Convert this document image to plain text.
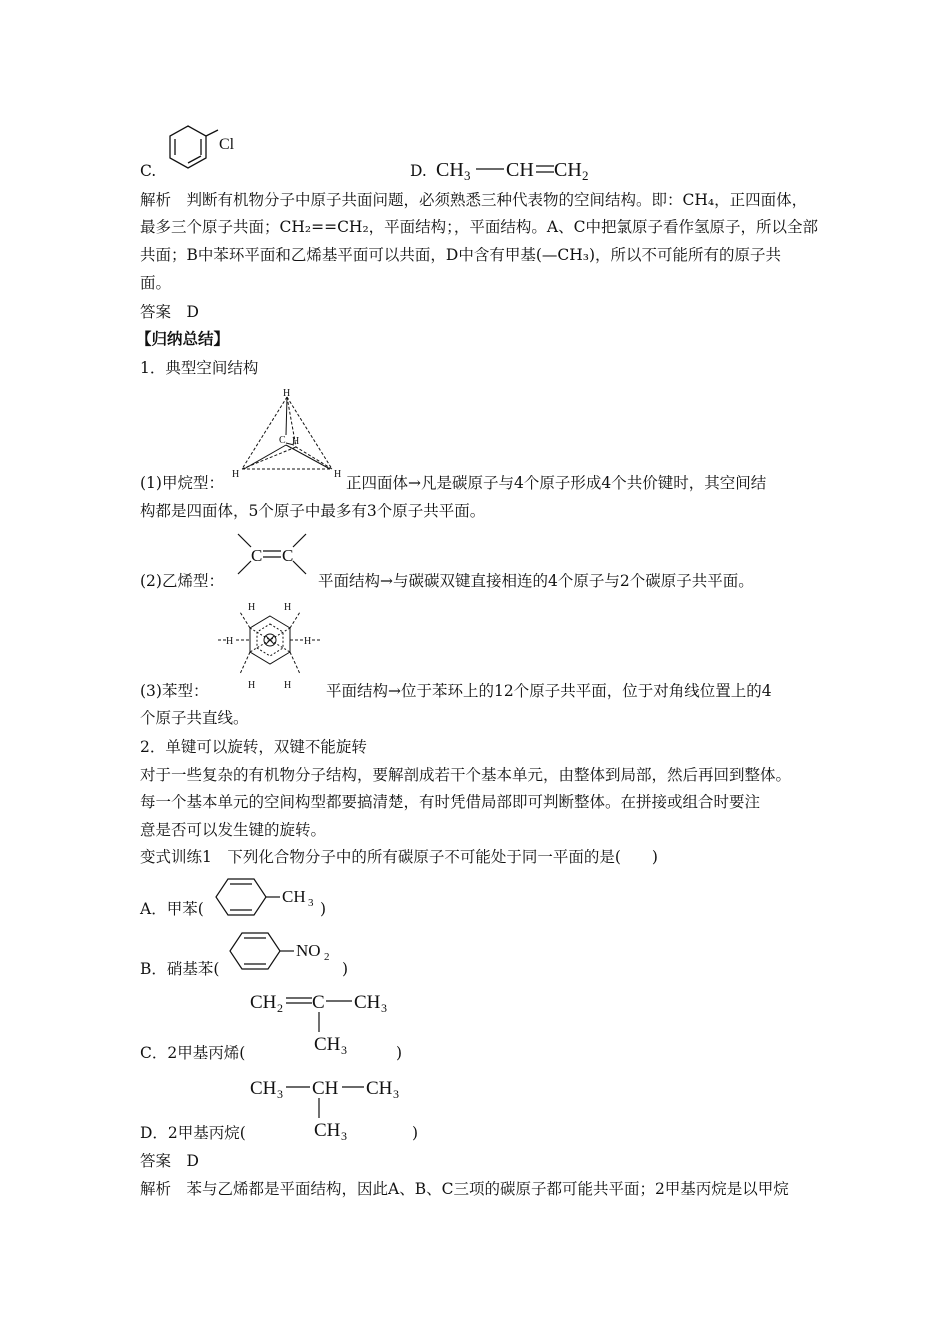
Cl
C.	D. CH 3 CH CH 2
解析　判断有机物分子中原子共面问题，必须熟悉三种代表物的空间结构。即：CH₄，正四面体，
最多三个原子共面；CH₂==CH₂，平面结构；，平面结构。A、C中把氯原子看作氢原子，所以全部
共面；B中苯环平面和乙烯基平面可以共面，D中含有甲基(—CH₃)，所以不可能所有的原子共
面。
答案　D
【归纳总结】
1．典型空间结构
H
C H
H	H
(1)甲烷型：	正四面体→凡是碳原子与4个原子形成4个共价键时，其空间结
构都是四面体，5个原子中最多有3个原子共平面。
C C
(2)乙烯型：	平面结构→与碳碳双键直接相连的4个原子与2个碳原子共平面。
H	H
H	H
H	H
(3)苯型：	平面结构→位于苯环上的12个原子共平面，位于对角线位置上的4
个原子共直线。
2．单键可以旋转，双键不能旋转
对于一些复杂的有机物分子结构，要解剖成若干个基本单元，由整体到局部，然后再回到整体。
每一个基本单元的空间构型都要搞清楚，有时凭借局部即可判断整体。在拼接或组合时要注
意是否可以发生键的旋转。
变式训练1　下列化合物分子中的所有碳原子不可能处于同一平面的是(　　)
A．甲苯(
CH 3 )
B．硝基苯(
NO 2
)
CH 2 C CH 3
CH 3
C．2甲基丙烯(	)
CH 3 CH CH 3
CH 3
D．2甲基丙烷(	)
答案　D
解析　苯与乙烯都是平面结构，因此A、B、C三项的碳原子都可能共平面；2甲基丙烷是以甲烷
